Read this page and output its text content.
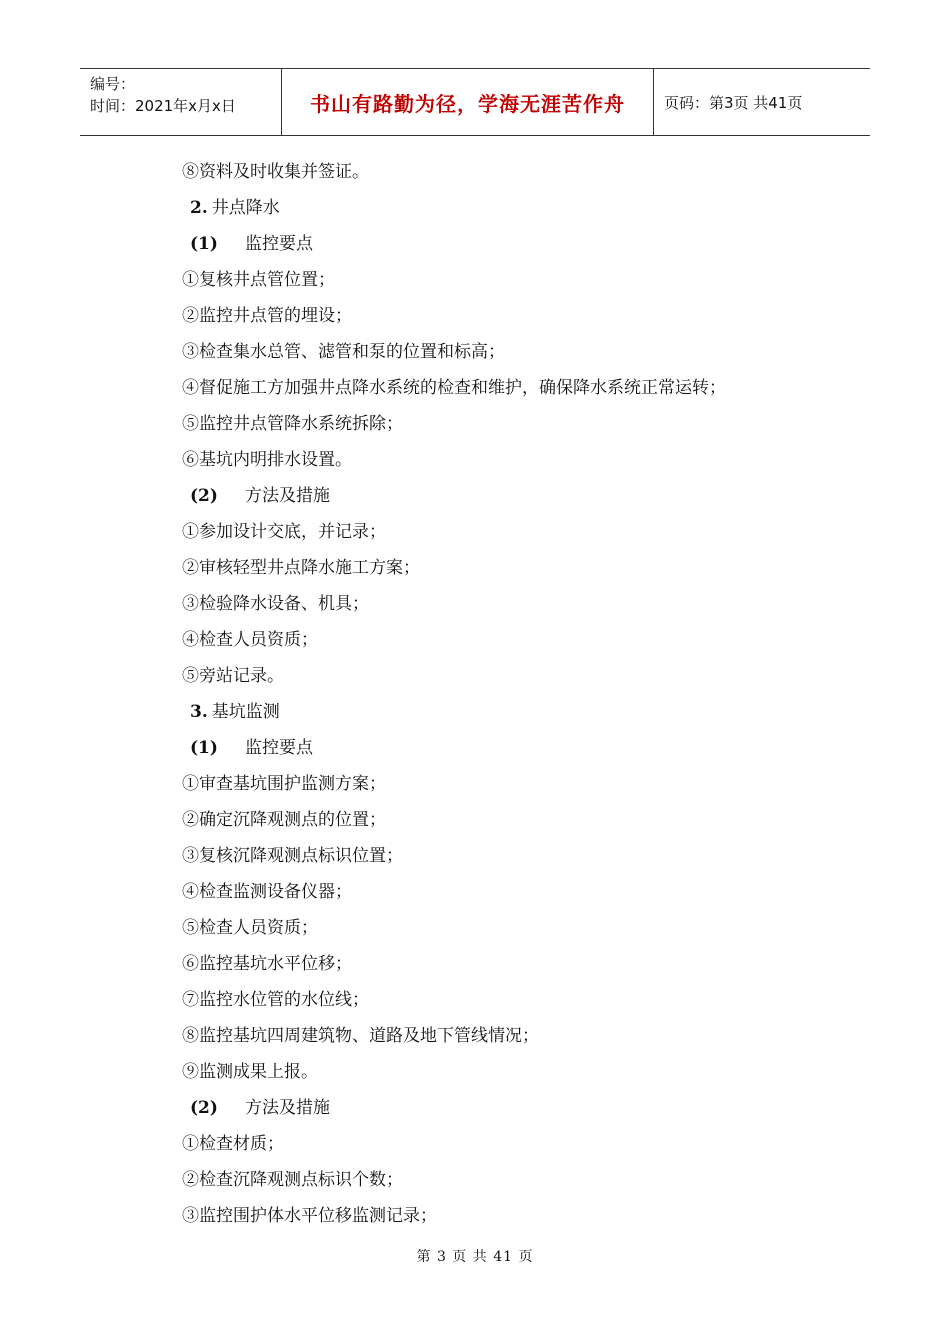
编号：
时间：2021年x月x日	书山有路勤为径，学海无涯苦作舟	页码：第3页 共41页
⑧资料及时收集并签证。
2. 井点降水
(1) 监控要点
①复核井点管位置；
②监控井点管的埋设；
③检查集水总管、滤管和泵的位置和标高；
④督促施工方加强井点降水系统的检查和维护，确保降水系统正常运转；
⑤监控井点管降水系统拆除；
⑥基坑内明排水设置。
(2) 方法及措施
①参加设计交底，并记录；
②审核轻型井点降水施工方案；
③检验降水设备、机具；
④检查人员资质；
⑤旁站记录。
3. 基坑监测
(1) 监控要点
①审查基坑围护监测方案；
②确定沉降观测点的位置；
③复核沉降观测点标识位置；
④检查监测设备仪器；
⑤检查人员资质；
⑥监控基坑水平位移；
⑦监控水位管的水位线；
⑧监控基坑四周建筑物、道路及地下管线情况；
⑨监测成果上报。
(2) 方法及措施
①检查材质；
②检查沉降观测点标识个数；
③监控围护体水平位移监测记录；
第 3 页 共 41 页
